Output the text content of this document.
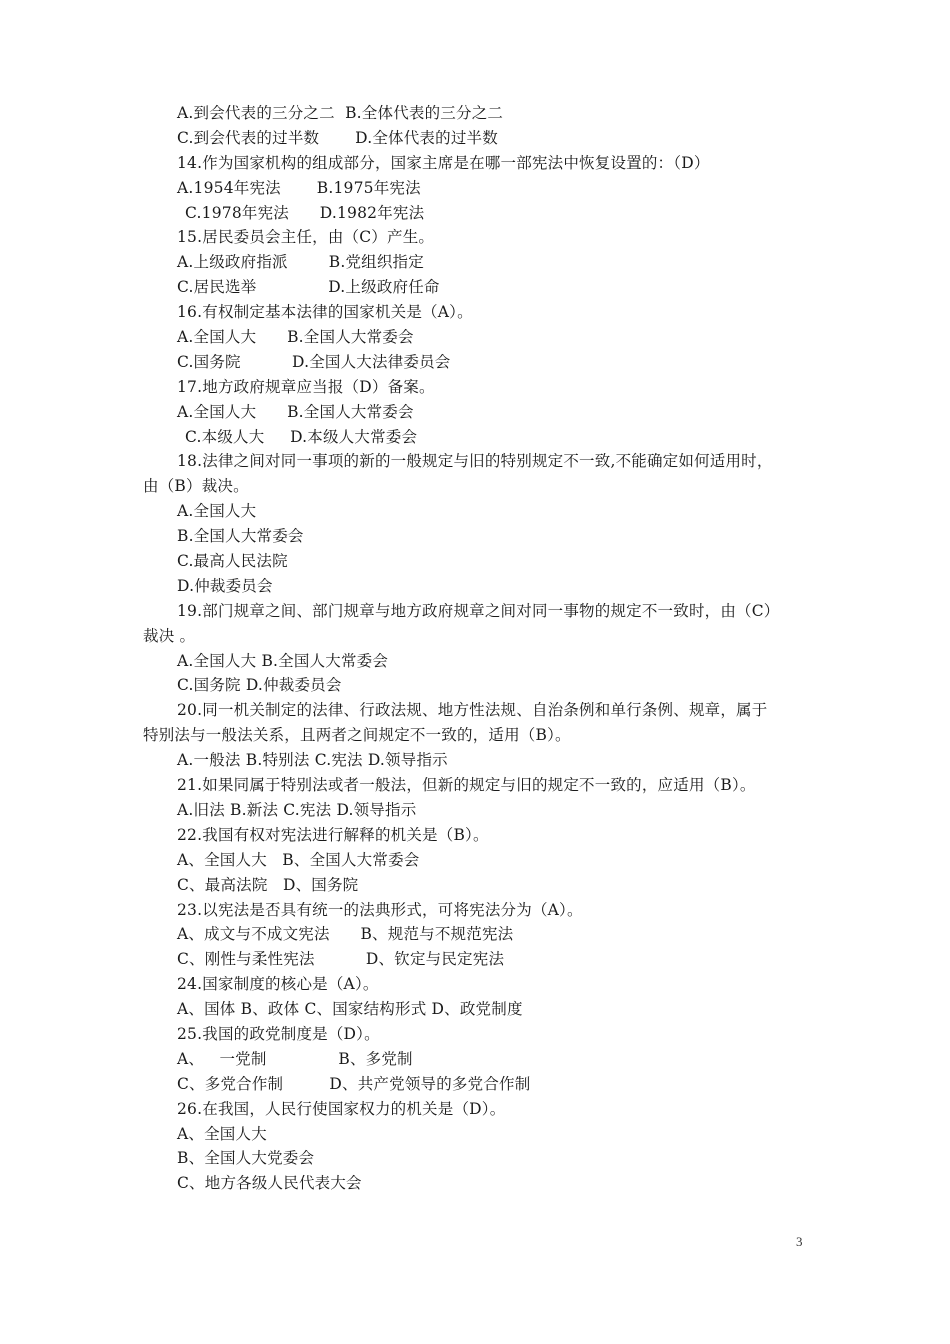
A.到会代表的三分之二  B.全体代表的三分之二
C.到会代表的过半数       D.全体代表的过半数
14.作为国家机构的组成部分，国家主席是在哪一部宪法中恢复设置的：（D）
A.1954年宪法       B.1975年宪法
C.1978年宪法      D.1982年宪法
15.居民委员会主任，由（C）产生。
A.上级政府指派        B.党组织指定
C.居民选举              D.上级政府任命
16.有权制定基本法律的国家机关是（A）。
A.全国人大      B.全国人大常委会
C.国务院          D.全国人大法律委员会
17.地方政府规章应当报（D）备案。
A.全国人大      B.全国人大常委会
C.本级人大     D.本级人大常委会
18.法律之间对同一事项的新的一般规定与旧的特别规定不一致,不能确定如何适用时，
由（B）裁决。
A.全国人大
B.全国人大常委会
C.最高人民法院
D.仲裁委员会
19.部门规章之间、部门规章与地方政府规章之间对同一事物的规定不一致时，由（C）
裁决 。
A.全国人大 B.全国人大常委会
C.国务院 D.仲裁委员会
20.同一机关制定的法律、行政法规、地方性法规、自治条例和单行条例、规章，属于
特别法与一般法关系，且两者之间规定不一致的，适用（B）。
A.一般法 B.特别法 C.宪法 D.领导指示
21.如果同属于特别法或者一般法，但新的规定与旧的规定不一致的，应适用（B）。
A.旧法 B.新法 C.宪法 D.领导指示
22.我国有权对宪法进行解释的机关是（B）。
A、全国人大   B、全国人大常委会
C、最高法院   D、国务院
23.以宪法是否具有统一的法典形式，可将宪法分为（A）。
A、成文与不成文宪法      B、规范与不规范宪法
C、刚性与柔性宪法          D、钦定与民定宪法
24.国家制度的核心是（A）。
A、国体 B、政体 C、国家结构形式 D、政党制度
25.我国的政党制度是（D）。
A、   一党制              B、多党制
C、多党合作制         D、共产党领导的多党合作制
26.在我国，人民行使国家权力的机关是（D）。
A、全国人大
B、全国人大党委会
C、地方各级人民代表大会
3
